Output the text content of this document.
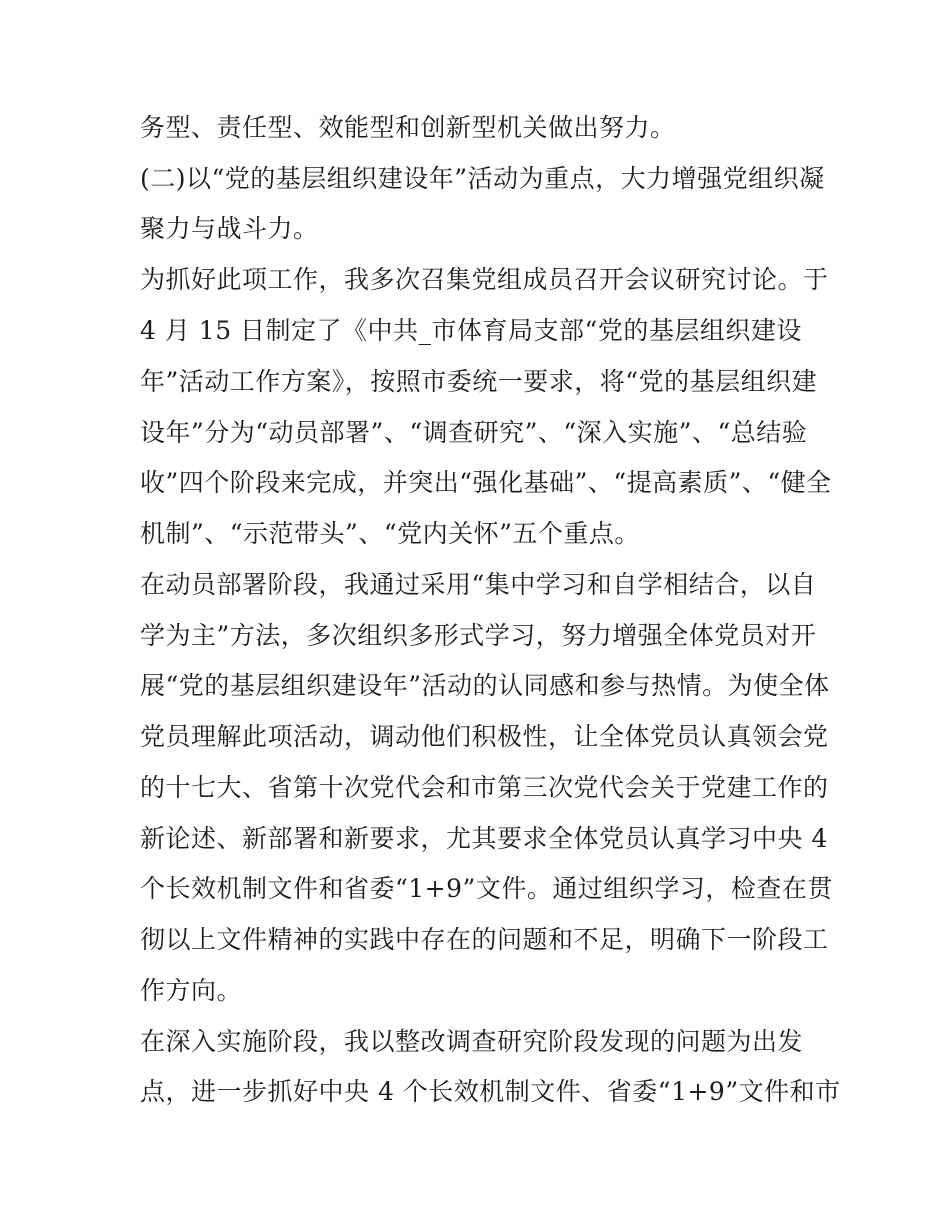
务型、责任型、效能型和创新型机关做出努力。
(二)以“党的基层组织建设年”活动为重点，大力增强党组织凝
聚力与战斗力。
为抓好此项工作，我多次召集党组成员召开会议研究讨论。于
4 月 15 日制定了《中共_市体育局支部“党的基层组织建设
年”活动工作方案》，按照市委统一要求，将“党的基层组织建
设年”分为“动员部署”、“调查研究”、“深入实施”、“总结验
收”四个阶段来完成，并突出“强化基础”、“提高素质”、“健全
机制”、“示范带头”、“党内关怀”五个重点。
在动员部署阶段，我通过采用“集中学习和自学相结合，以自
学为主”方法，多次组织多形式学习，努力增强全体党员对开
展“党的基层组织建设年”活动的认同感和参与热情。为使全体
党员理解此项活动，调动他们积极性，让全体党员认真领会党
的十七大、省第十次党代会和市第三次党代会关于党建工作的
新论述、新部署和新要求，尤其要求全体党员认真学习中央 4
个长效机制文件和省委“1+9”文件。通过组织学习，检查在贯
彻以上文件精神的实践中存在的问题和不足，明确下一阶段工
作方向。
在深入实施阶段，我以整改调查研究阶段发现的问题为出发
点，进一步抓好中央 4 个长效机制文件、省委“1+9”文件和市
